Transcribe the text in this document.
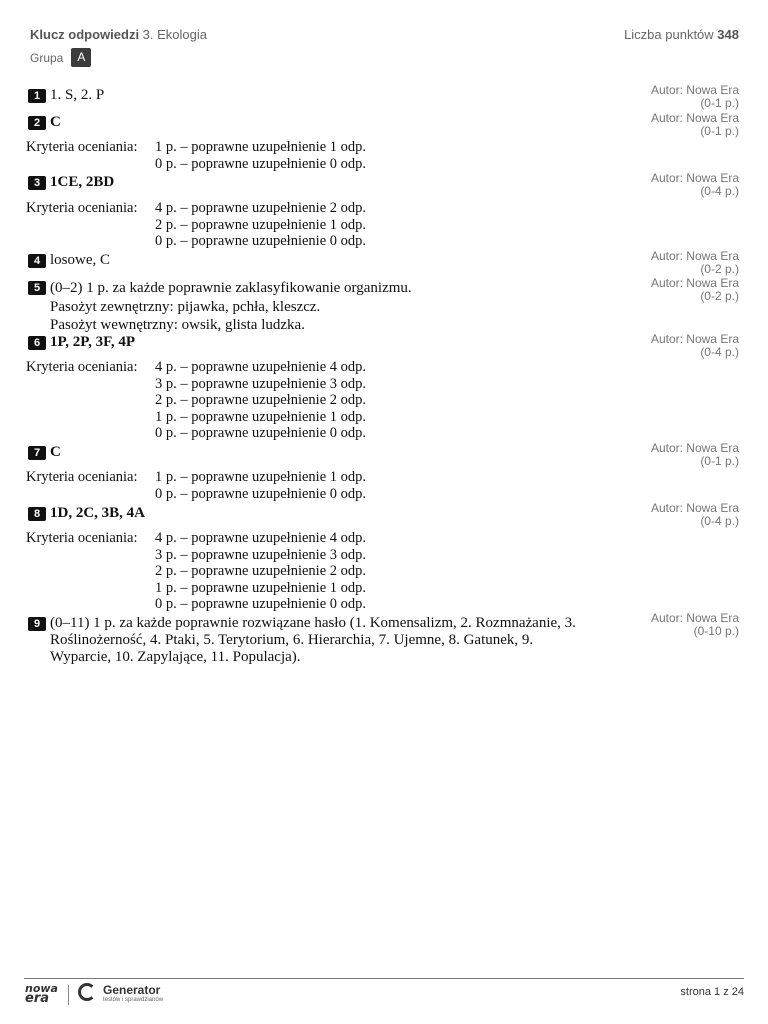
Klucz odpowiedzi 3. Ekologia	Liczba punktów 348
Grupa	A
1 1. S, 2. P	Autor: Nowa Era
(0-1 p.)
2 C	Autor: Nowa Era
(0-1 p.)
Kryteria oceniania: 1 p. – poprawne uzupełnienie 1 odp.
0 p. – poprawne uzupełnienie 0 odp.
3 1CE, 2BD	Autor: Nowa Era
(0-4 p.)
Kryteria oceniania: 4 p. – poprawne uzupełnienie 2 odp.
2 p. – poprawne uzupełnienie 1 odp.
0 p. – poprawne uzupełnienie 0 odp.
4 losowe, C	Autor: Nowa Era
(0-2 p.)
5 (0–2) 1 p. za każde poprawnie zaklasyfikowanie organizmu.
Pasożyt zewnętrzny: pijawka, pchła, kleszcz.
Pasożyt wewnętrzny: owsik, glista ludzka.
Autor: Nowa Era
(0-2 p.)
6 1P, 2P, 3F, 4P	Autor: Nowa Era
(0-4 p.)
Kryteria oceniania: 4 p. – poprawne uzupełnienie 4 odp.
3 p. – poprawne uzupełnienie 3 odp.
2 p. – poprawne uzupełnienie 2 odp.
1 p. – poprawne uzupełnienie 1 odp.
0 p. – poprawne uzupełnienie 0 odp.
7 C	Autor: Nowa Era
(0-1 p.)
Kryteria oceniania: 1 p. – poprawne uzupełnienie 1 odp.
0 p. – poprawne uzupełnienie 0 odp.
8 1D, 2C, 3B, 4A	Autor: Nowa Era
(0-4 p.)
Kryteria oceniania: 4 p. – poprawne uzupełnienie 4 odp.
3 p. – poprawne uzupełnienie 3 odp.
2 p. – poprawne uzupełnienie 2 odp.
1 p. – poprawne uzupełnienie 1 odp.
0 p. – poprawne uzupełnienie 0 odp.
9 (0–11) 1 p. za każde poprawnie rozwiązane hasło (1. Komensalizm, 2. Rozmnażanie, 3.
Roślinożerność, 4. Ptaki, 5. Terytorium, 6. Hierarchia, 7. Ujemne, 8. Gatunek, 9.
Wyparcie, 10. Zapylające, 11. Populacja).
Autor: Nowa Era
(0-10 p.)
nowa
era
Generator
testów i sprawdzianów
strona 1 z 24
